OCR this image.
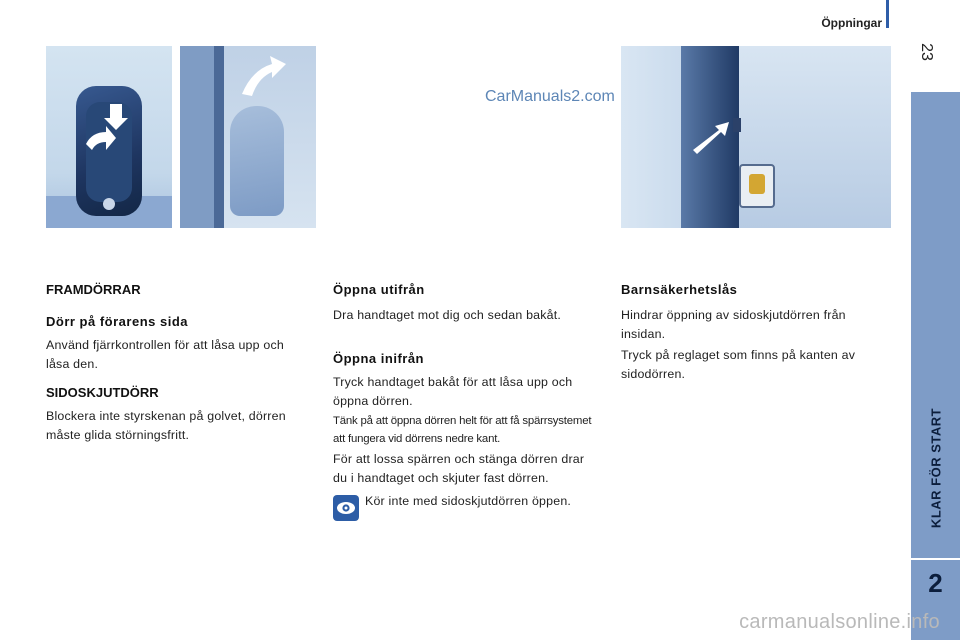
Öppningar
23
KLAR FÖR START
2
CarManuals2.com
FRAMDÖRRAR
Dörr på förarens sida

Använd fjärrkontrollen för att låsa upp och låsa den.

SIDOSKJUTDÖRR

Blockera inte styrskenan på golvet, dörren måste glida störningsfritt.

Öppna utifrån

Dra handtaget mot dig och sedan bakåt.

Öppna inifrån

Tryck handtaget bakåt för att låsa upp och öppna dörren.

Tänk på att öppna dörren helt för att få spärrsystemet att fungera vid dörrens nedre kant.

För att lossa spärren och stänga dörren drar du i handtaget och skjuter fast dörren.

Kör inte med sidoskjutdörren öppen.

Barnsäkerhetslås

Hindrar öppning av sidoskjutdörren från insidan.

Tryck på reglaget som finns på kanten av sidodörren.

carmanualsonline.info
